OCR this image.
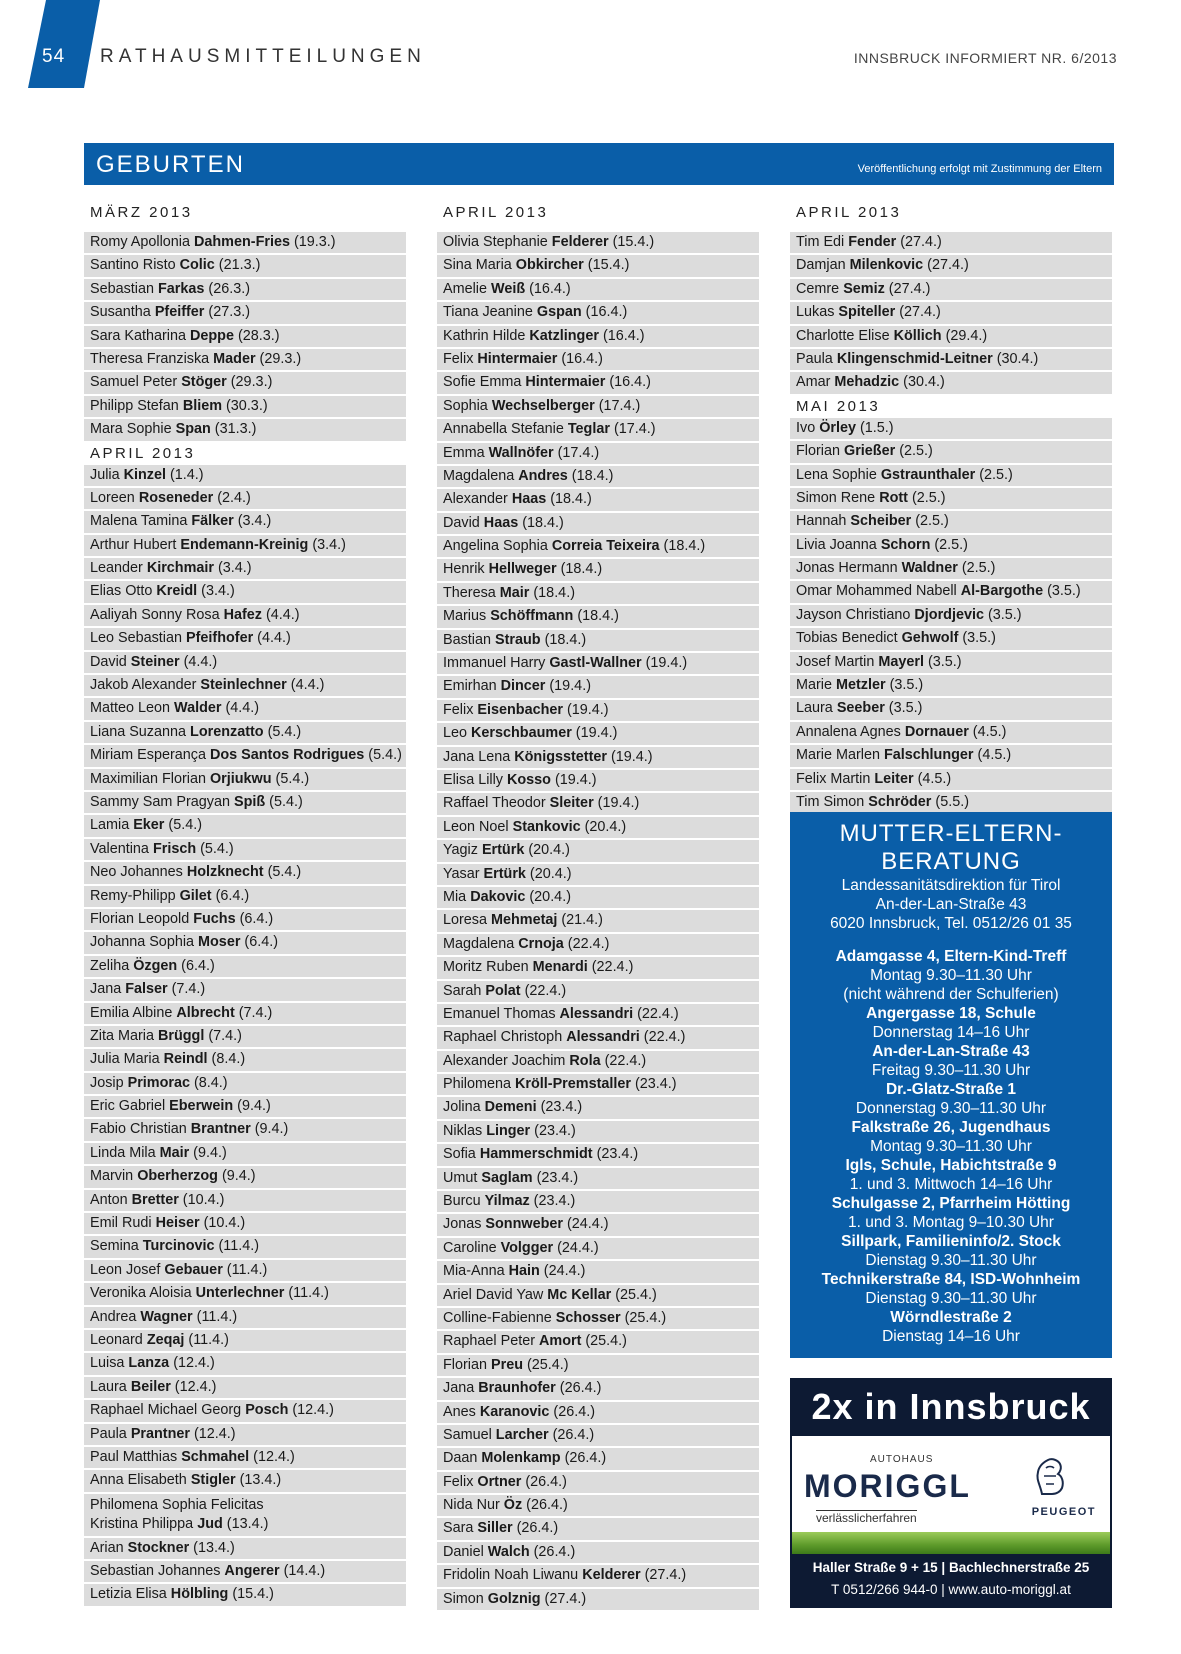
54 RATHAUSMITTEILUNGEN	INNSBRUCK INFORMIERT NR. 6/2013
GEBURTEN	Veröffentlichung erfolgt mit Zustimmung der Eltern
MÄRZ 2013
Romy Apollonia Dahmen-Fries (19.3.)
Santino Risto Colic (21.3.)
Sebastian Farkas (26.3.)
Susantha Pfeiffer (27.3.)
Sara Katharina Deppe (28.3.)
Theresa Franziska Mader (29.3.)
Samuel Peter Stöger (29.3.)
Philipp Stefan Bliem (30.3.)
Mara Sophie Span (31.3.)
APRIL 2013
Julia Kinzel (1.4.)
Loreen Roseneder (2.4.)
Malena Tamina Fälker (3.4.)
Arthur Hubert Endemann-Kreinig (3.4.)
Leander Kirchmair (3.4.)
Elias Otto Kreidl (3.4.)
Aaliyah Sonny Rosa Hafez (4.4.)
Leo Sebastian Pfeifhofer (4.4.)
David Steiner (4.4.)
Jakob Alexander Steinlechner (4.4.)
Matteo Leon Walder (4.4.)
Liana Suzanna Lorenzatto (5.4.)
Miriam Esperança Dos Santos Rodrigues (5.4.)
Maximilian Florian Orjiukwu (5.4.)
Sammy Sam Pragyan Spiß (5.4.)
Lamia Eker (5.4.)
Valentina Frisch (5.4.)
Neo Johannes Holzknecht (5.4.)
Remy-Philipp Gilet (6.4.)
Florian Leopold Fuchs (6.4.)
Johanna Sophia Moser (6.4.)
Zeliha Özgen (6.4.)
Jana Falser (7.4.)
Emilia Albine Albrecht (7.4.)
Zita Maria Brüggl (7.4.)
Julia Maria Reindl (8.4.)
Josip Primorac (8.4.)
Eric Gabriel Eberwein (9.4.)
Fabio Christian Brantner (9.4.)
Linda Mila Mair (9.4.)
Marvin Oberherzog (9.4.)
Anton Bretter (10.4.)
Emil Rudi Heiser (10.4.)
Semina Turcinovic (11.4.)
Leon Josef Gebauer (11.4.)
Veronika Aloisia Unterlechner (11.4.)
Andrea Wagner (11.4.)
Leonard Zeqaj (11.4.)
Luisa Lanza (12.4.)
Laura Beiler (12.4.)
Raphael Michael Georg Posch (12.4.)
Paula Prantner (12.4.)
Paul Matthias Schmahel (12.4.)
Anna Elisabeth Stigler (13.4.)
Philomena Sophia Felicitas
Kristina Philippa Jud (13.4.)
Arian Stockner (13.4.)
Sebastian Johannes Angerer (14.4.)
Letizia Elisa Hölbling (15.4.)
APRIL 2013
Olivia Stephanie Felderer (15.4.)
Sina Maria Obkircher (15.4.)
Amelie Weiß (16.4.)
Tiana Jeanine Gspan (16.4.)
Kathrin Hilde Katzlinger (16.4.)
Felix Hintermaier (16.4.)
Sofie Emma Hintermaier (16.4.)
Sophia Wechselberger (17.4.)
Annabella Stefanie Teglar (17.4.)
Emma Wallnöfer (17.4.)
Magdalena Andres (18.4.)
Alexander Haas (18.4.)
David Haas (18.4.)
Angelina Sophia Correia Teixeira (18.4.)
Henrik Hellweger (18.4.)
Theresa Mair (18.4.)
Marius Schöffmann (18.4.)
Bastian Straub (18.4.)
Immanuel Harry Gastl-Wallner (19.4.)
Emirhan Dincer (19.4.)
Felix Eisenbacher (19.4.)
Leo Kerschbaumer (19.4.)
Jana Lena Königsstetter (19.4.)
Elisa Lilly Kosso (19.4.)
Raffael Theodor Sleiter (19.4.)
Leon Noel Stankovic (20.4.)
Yagiz Ertürk (20.4.)
Yasar Ertürk (20.4.)
Mia Dakovic (20.4.)
Loresa Mehmetaj (21.4.)
Magdalena Crnoja (22.4.)
Moritz Ruben Menardi (22.4.)
Sarah Polat (22.4.)
Emanuel Thomas Alessandri (22.4.)
Raphael Christoph Alessandri (22.4.)
Alexander Joachim Rola (22.4.)
Philomena Kröll-Premstaller (23.4.)
Jolina Demeni (23.4.)
Niklas Linger (23.4.)
Sofia Hammerschmidt (23.4.)
Umut Saglam (23.4.)
Burcu Yilmaz (23.4.)
Jonas Sonnweber (24.4.)
Caroline Volgger (24.4.)
Mia-Anna Hain (24.4.)
Ariel David Yaw Mc Kellar (25.4.)
Colline-Fabienne Schosser (25.4.)
Raphael Peter Amort (25.4.)
Florian Preu (25.4.)
Jana Braunhofer (26.4.)
Anes Karanovic (26.4.)
Samuel Larcher (26.4.)
Daan Molenkamp (26.4.)
Felix Ortner (26.4.)
Nida Nur Öz (26.4.)
Sara Siller (26.4.)
Daniel Walch (26.4.)
Fridolin Noah Liwanu Kelderer (27.4.)
Simon Golznig (27.4.)
APRIL 2013
Tim Edi Fender (27.4.)
Damjan Milenkovic (27.4.)
Cemre Semiz (27.4.)
Lukas Spiteller (27.4.)
Charlotte Elise Köllich (29.4.)
Paula Klingenschmid-Leitner (30.4.)
Amar Mehadzic (30.4.)
MAI 2013
Ivo Örley (1.5.)
Florian Grießer (2.5.)
Lena Sophie Gstraunthaler (2.5.)
Simon Rene Rott (2.5.)
Hannah Scheiber (2.5.)
Livia Joanna Schorn (2.5.)
Jonas Hermann Waldner (2.5.)
Omar Mohammed Nabell Al-Bargothe (3.5.)
Jayson Christiano Djordjevic (3.5.)
Tobias Benedict Gehwolf (3.5.)
Josef Martin Mayerl (3.5.)
Marie Metzler (3.5.)
Laura Seeber (3.5.)
Annalena Agnes Dornauer (4.5.)
Marie Marlen Falschlunger (4.5.)
Felix Martin Leiter (4.5.)
Tim Simon Schröder (5.5.)
MUTTER-ELTERN-
BERATUNG
Landessanitätsdirektion für Tirol
An-der-Lan-Straße 43
6020 Innsbruck, Tel. 0512/26 01 35
Adamgasse 4, Eltern-Kind-Treff
Montag 9.30–11.30 Uhr
(nicht während der Schulferien)
Angergasse 18, Schule
Donnerstag 14–16 Uhr
An-der-Lan-Straße 43
Freitag 9.30–11.30 Uhr
Dr.-Glatz-Straße 1
Donnerstag 9.30–11.30 Uhr
Falkstraße 26, Jugendhaus
Montag 9.30–11.30 Uhr
Igls, Schule, Habichtstraße 9
1. und 3. Mittwoch 14–16 Uhr
Schulgasse 2, Pfarrheim Hötting
1. und 3. Montag 9–10.30 Uhr
Sillpark, Familieninfo/2. Stock
Dienstag 9.30–11.30 Uhr
Technikerstraße 84, ISD-Wohnheim
Dienstag 9.30–11.30 Uhr
Wörndlestraße 2
Dienstag 14–16 Uhr
2x in Innsbruck
AUTOHAUS
MORIGGL
verlässlicherfahren	PEUGEOT
Haller Straße 9 + 15 | Bachlechnerstraße 25
T 0512/266 944-0 | www.auto-moriggl.at
